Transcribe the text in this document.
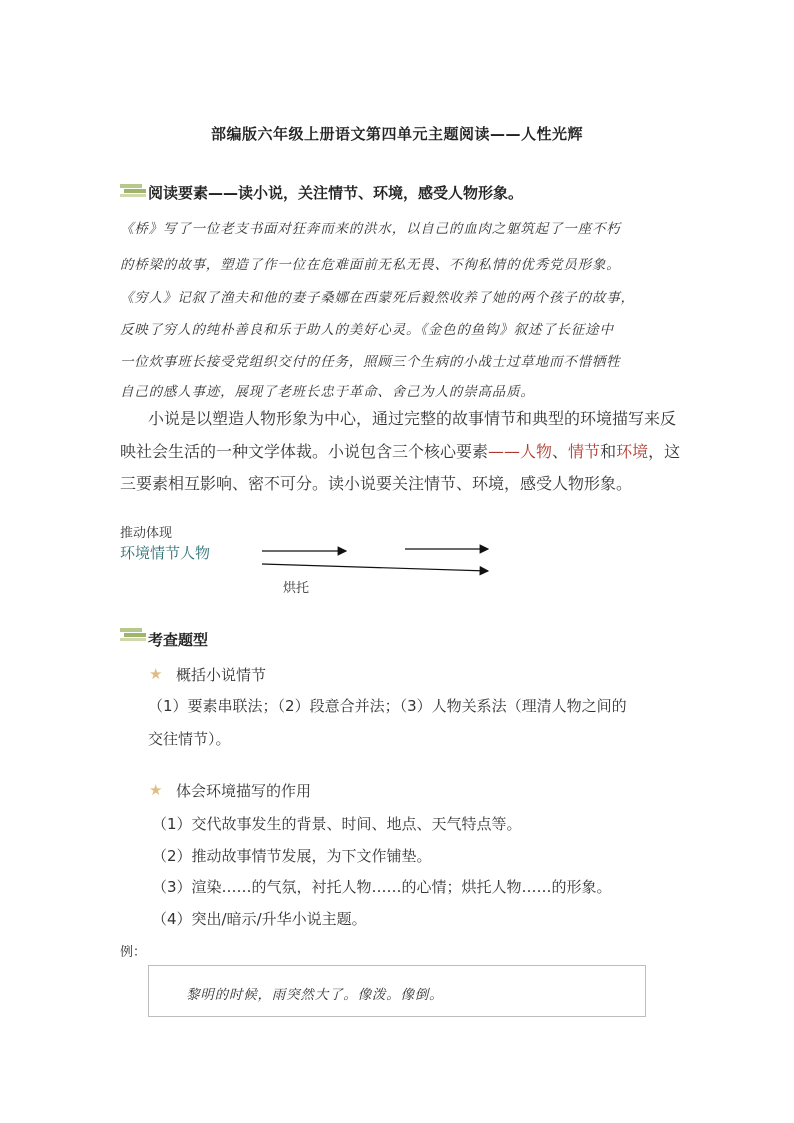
部编版六年级上册语文第四单元主题阅读——人性光辉
阅读要素——读小说，关注情节、环境，感受人物形象。
《桥》写了一位老支书面对狂奔而来的洪水，以自己的血肉之躯筑起了一座不朽
的桥梁的故事，塑造了作一位在危难面前无私无畏、不徇私情的优秀党员形象。
《穷人》记叙了渔夫和他的妻子桑娜在西蒙死后毅然收养了她的两个孩子的故事，
反映了穷人的纯朴善良和乐于助人的美好心灵。《金色的鱼钩》叙述了长征途中
一位炊事班长接受党组织交付的任务，照顾三个生病的小战士过草地而不惜牺牲
自己的感人事迹，展现了老班长忠于革命、舍己为人的崇高品质。
小说是以塑造人物形象为中心，通过完整的故事情节和典型的环境描写来反
映社会生活的一种文学体裁。小说包含三个核心要素——人物、情节和环境，这
三要素相互影响、密不可分。读小说要关注情节、环境，感受人物形象。
推动体现
环境情节人物
烘托
考查题型
★ 概括小说情节
（1）要素串联法；（2）段意合并法；（3）人物关系法（理清人物之间的
交往情节）。
★ 体会环境描写的作用
（1）交代故事发生的背景、时间、地点、天气特点等。
（2）推动故事情节发展，为下文作铺垫。
（3）渲染……的气氛，衬托人物……的心情；烘托人物……的形象。
（4）突出/暗示/升华小说主题。
例：
黎明的时候，雨突然大了。像泼。像倒。
